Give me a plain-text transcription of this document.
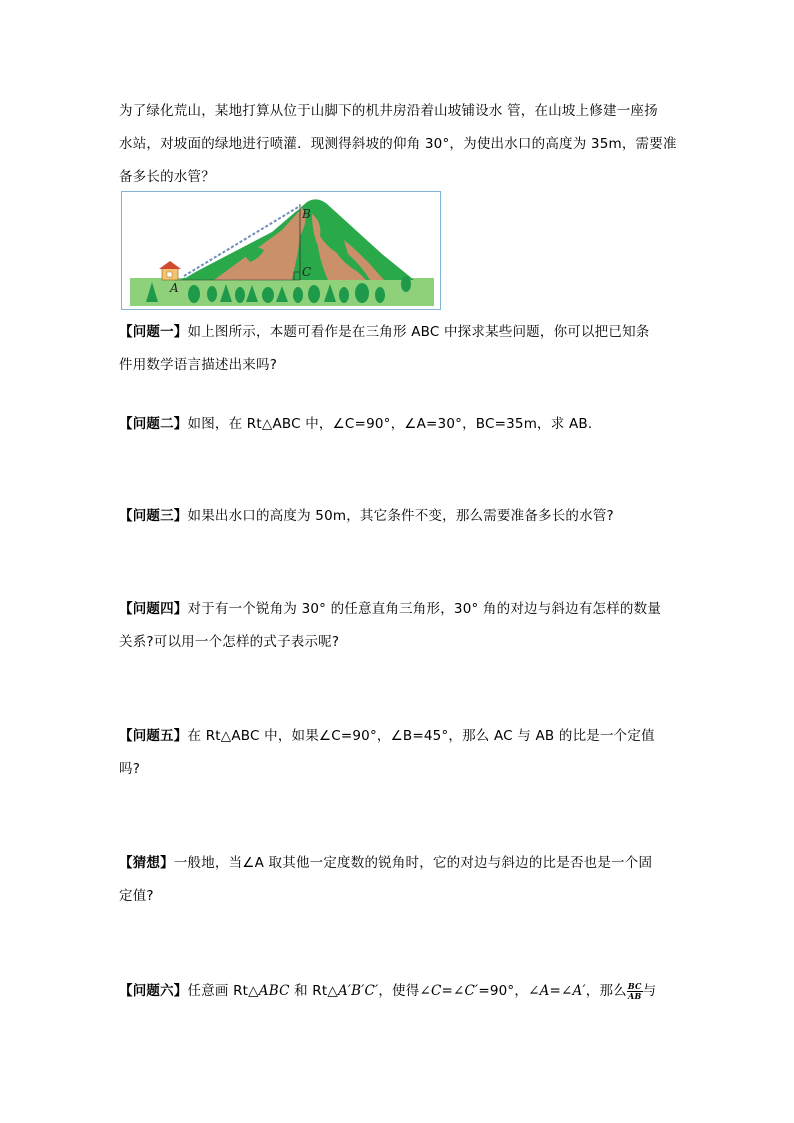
为了绿化荒山，某地打算从位于山脚下的机井房沿着山坡铺设水 管，在山坡上修建一座扬
水站，对坡面的绿地进行喷灌．现测得斜坡的仰角 30°，为使出水口的高度为 35m，需要准
备多长的水管？
A
B
C
【问题一】如上图所示，本题可看作是在三角形 ABC 中探求某些问题，你可以把已知条
件用数学语言描述出来吗?
【问题二】如图，在 Rt△ABC 中，∠C=90°，∠A=30°，BC=35m，求 AB.
【问题三】如果出水口的高度为 50m，其它条件不变，那么需要准备多长的水管?
【问题四】对于有一个锐角为 30° 的任意直角三角形，30° 角的对边与斜边有怎样的数量
关系?可以用一个怎样的式子表示呢?
【问题五】在 Rt△ABC 中，如果∠C=90°，∠B=45°，那么 AC 与 AB 的比是一个定值
吗?
【猜想】一般地，当∠A 取其他一定度数的锐角时，它的对边与斜边的比是否也是一个固
定值?
【问题六】任意画 Rt△ABC 和 Rt△A′B′C′，使得∠C=∠C′=90°，∠A=∠A′，那么 $\frac{BC}{AB}$ 与
